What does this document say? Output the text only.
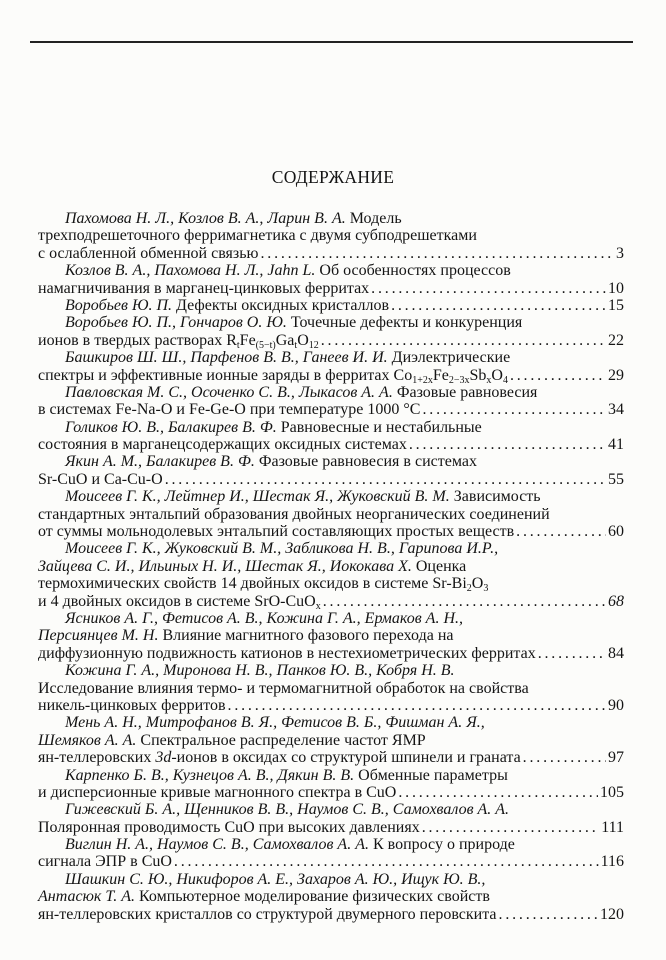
СОДЕРЖАНИЕ
Пахомова Н. Л., Козлов В. А., Ларин В. А. Модель
трехподрешеточного ферримагнетика с двумя субподрешетками
с ослабленной обменной связью . . .	3
Козлов В. А., Пахомова Н. Л., Jahn L. Об особенностях процессов
намагничивания в марганец-цинковых ферритах . . .	10
Воробьев Ю. П. Дефекты оксидных кристаллов . . .	15
Воробьев Ю. П., Гончаров О. Ю. Точечные дефекты и конкуренция
ионов в твердых растворах $R_tFe_{(5-t)}Ga_tO_{12}$ . . .	22
Башкиров Ш. Ш., Парфенов В. В., Ганеев И. И. Диэлектрические
спектры и эффективные ионные заряды в ферритах $Co_{1+2x}Fe_{2-3x}Sb_xO_4$ . . .	29
Павловская М. С., Осоченко С. В., Лыкасов А. А. Фазовые равновесия
в системах Fe-Na-O и Fe-Ge-O при температуре 1000 °C . . .	34
Голиков Ю. В., Балакирев В. Ф. Равновесные и нестабильные
состояния в марганецсодержащих оксидных системах . . .	41
Якин А. М., Балакирев В. Ф. Фазовые равновесия в системах
Sr-CuO и Ca-Cu-O . . .	55
Моисеев Г. К., Лейтнер И., Шестак Я., Жуковский В. М. Зависимость
стандартных энтальпий образования двойных неорганических соединений
от суммы мольнодолевых энтальпий составляющих простых веществ . . .	60
Моисеев Г. К., Жуковский В. М., Забликова Н. В., Гарипова И.Р.,
Зайцева С. И., Ильиных Н. И., Шестак Я., Иококава Х. Оценка
термохимических свойств 14 двойных оксидов в системе $Sr-Bi_2O_3$
и 4 двойных оксидов в системе SrO-CuO$_x$ . . .	68
Ясников А. Г., Фетисов А. В., Кожина Г. А., Ермаков А. Н.,
Персиянцев М. Н. Влияние магнитного фазового перехода на
диффузионную подвижность катионов в нестехиометрических ферритах . . .	84
Кожина Г. А., Миронова Н. В., Панков Ю. В., Кобря Н. В.
Исследование влияния термо- и термомагнитной обработок на свойства
никель-цинковых ферритов . . .	90
Мень А. Н., Митрофанов В. Я., Фетисов В. Б., Фишман А. Я.,
Шемяков А. А. Спектральное распределение частот ЯМР
ян-теллеровских 3d-ионов в оксидах со структурой шпинели и граната . . .	97
Карпенко Б. В., Кузнецов А. В., Дякин В. В. Обменные параметры
и дисперсионные кривые магнонного спектра в CuO . . .	105
Гижевский Б. А., Щенников В. В., Наумов С. В., Самохвалов А. А.
Поляронная проводимость CuO при высоких давлениях . . .	111
Виглин Н. А., Наумов С. В., Самохвалов А. А. К вопросу о природе
сигнала ЭПР в CuO . . .	116
Шашкин С. Ю., Никифоров А. Е., Захаров А. Ю., Ищук Ю. В.,
Антасюк Т. А. Компьютерное моделирование физических свойств
ян-теллеровских кристаллов со структурой двумерного перовскита . . .	120
